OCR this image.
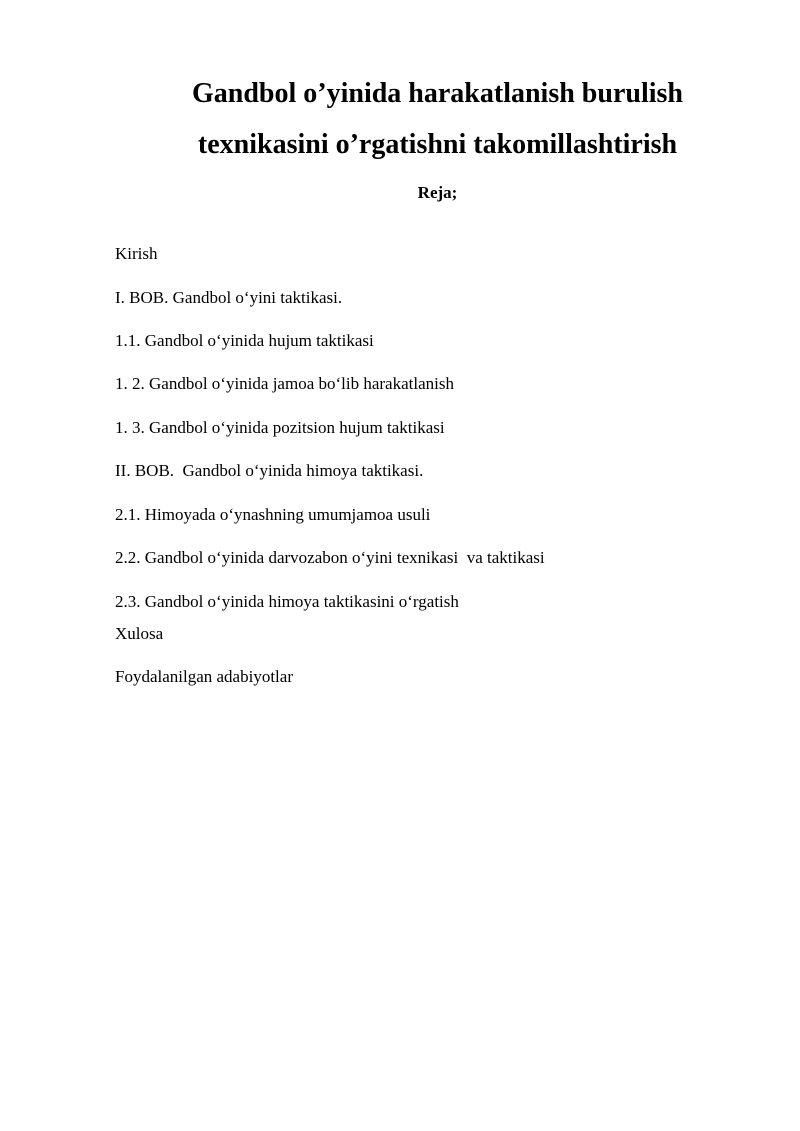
Gandbol o’yinida harakatlanish burulish
texnikasini o’rgatishni takomillashtirish
Reja;
Kirish
I. BOB. Gandbol o‘yini taktikasi.
1.1. Gandbol o‘yinida hujum taktikasi
1. 2. Gandbol o‘yinida jamoa bo‘lib harakatlanish
1. 3. Gandbol o‘yinida pozitsion hujum taktikasi
II. BOB.  Gandbol o‘yinida himoya taktikasi.
2.1. Himoyada o‘ynashning umumjamoa usuli
2.2. Gandbol o‘yinida darvozabon o‘yini texnikasi  va taktikasi
2.3. Gandbol o‘yinida himoya taktikasini o‘rgatish
Xulosa
Foydalanilgan adabiyotlar
